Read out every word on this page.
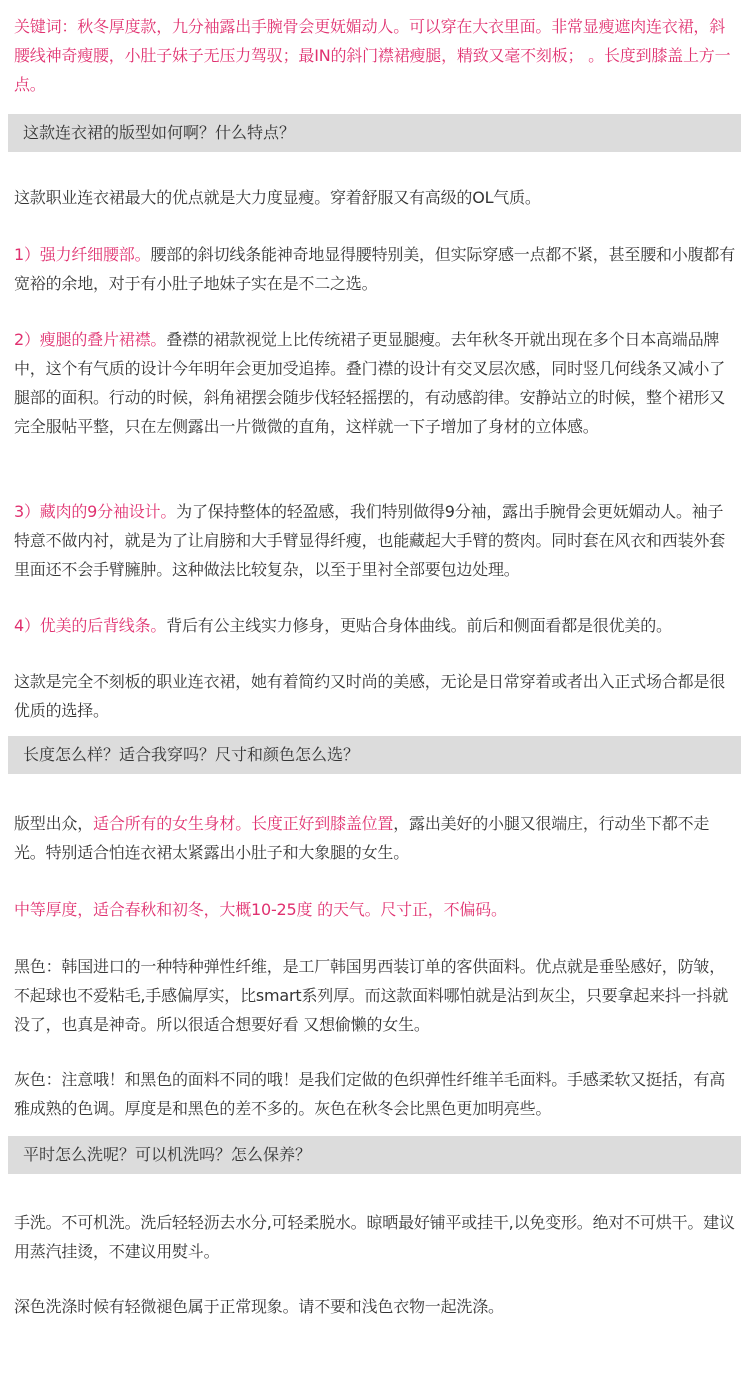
关键词：秋冬厚度款，九分袖露出手腕骨会更妩媚动人。可以穿在大衣里面。非常显瘦遮肉连衣裙，斜腰线神奇瘦腰，小肚子妹子无压力驾驭；最IN的斜门襟裙瘦腿，精致又毫不刻板； 。长度到膝盖上方一点。

这款连衣裙的版型如何啊？什么特点？

这款职业连衣裙最大的优点就是大力度显瘦。穿着舒服又有高级的OL气质。

1）强力纤细腰部。腰部的斜切线条能神奇地显得腰特别美，但实际穿感一点都不紧，甚至腰和小腹都有宽裕的余地，对于有小肚子地妹子实在是不二之选。

2）瘦腿的叠片裙襟。叠襟的裙款视觉上比传统裙子更显腿瘦。去年秋冬开就出现在多个日本高端品牌中，这个有气质的设计今年明年会更加受追捧。叠门襟的设计有交叉层次感，同时竖几何线条又减小了腿部的面积。行动的时候，斜角裙摆会随步伐轻轻摇摆的，有动感韵律。安静站立的时候，整个裙形又完全服帖平整，只在左侧露出一片微微的直角，这样就一下子增加了身材的立体感。

3）藏肉的9分袖设计。为了保持整体的轻盈感，我们特别做得9分袖，露出手腕骨会更妩媚动人。袖子特意不做内衬，就是为了让肩膀和大手臂显得纤瘦，也能藏起大手臂的赘肉。同时套在风衣和西装外套里面还不会手臂臃肿。这种做法比较复杂，以至于里衬全部要包边处理。

4）优美的后背线条。背后有公主线实力修身，更贴合身体曲线。前后和侧面看都是很优美的。

这款是完全不刻板的职业连衣裙，她有着简约又时尚的美感，无论是日常穿着或者出入正式场合都是很优质的选择。

长度怎么样？适合我穿吗？尺寸和颜色怎么选？

版型出众，适合所有的女生身材。长度正好到膝盖位置，露出美好的小腿又很端庄，行动坐下都不走光。特别适合怕连衣裙太紧露出小肚子和大象腿的女生。

中等厚度，适合春秋和初冬，大概10-25度 的天气。尺寸正，不偏码。

黑色：韩国进口的一种特种弹性纤维，是工厂韩国男西装订单的客供面料。优点就是垂坠感好，防皱，不起球也不爱粘毛,手感偏厚实，比smart系列厚。而这款面料哪怕就是沾到灰尘，只要拿起来抖一抖就没了，也真是神奇。所以很适合想要好看 又想偷懒的女生。

灰色：注意哦！和黑色的面料不同的哦！是我们定做的色织弹性纤维羊毛面料。手感柔软又挺括，有高雅成熟的色调。厚度是和黑色的差不多的。灰色在秋冬会比黑色更加明亮些。

平时怎么洗呢？可以机洗吗？怎么保养？

手洗。不可机洗。洗后轻轻沥去水分,可轻柔脱水。晾晒最好铺平或挂干,以免变形。绝对不可烘干。建议用蒸汽挂烫，不建议用熨斗。

深色洗涤时候有轻微褪色属于正常现象。请不要和浅色衣物一起洗涤。
